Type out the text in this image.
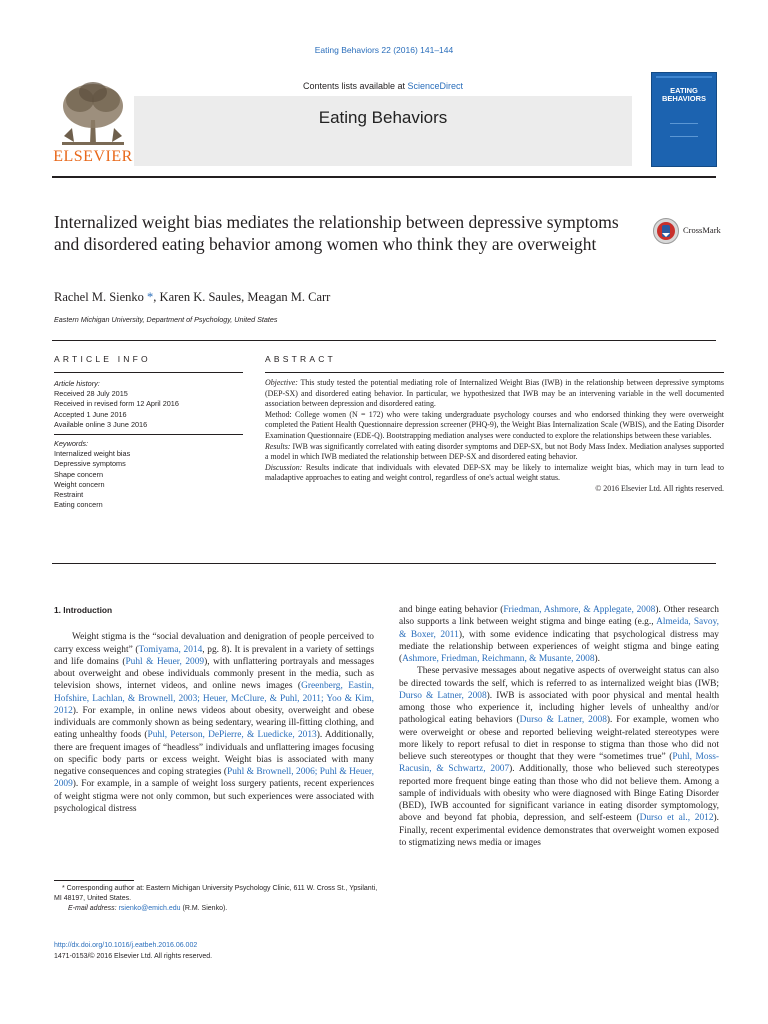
Eating Behaviors 22 (2016) 141–144
ELSEVIER
Contents lists available at ScienceDirect
Eating Behaviors
EATING
BEHAVIORS
Internalized weight bias mediates the relationship between depressive symptoms and disordered eating behavior among women who think they are overweight
CrossMark
Rachel M. Sienko *, Karen K. Saules, Meagan M. Carr
Eastern Michigan University, Department of Psychology, United States
ARTICLE INFO	ABSTRACT
Article history:
Received 28 July 2015
Received in revised form 12 April 2016
Accepted 1 June 2016
Available online 3 June 2016
Keywords:
Internalized weight bias
Depressive symptoms
Shape concern
Weight concern
Restraint
Eating concern

Objective: This study tested the potential mediating role of Internalized Weight Bias (IWB) in the relationship between depressive symptoms (DEP-SX) and disordered eating behavior. In particular, we hypothesized that IWB may be an intervening variable in the well documented association between depression and disordered eating.

Method: College women (N = 172) who were taking undergraduate psychology courses and who endorsed thinking they were overweight completed the Patient Health Questionnaire depression screener (PHQ-9), the Weight Bias Internalization Scale (WBIS), and the Eating Disorder Examination Questionnaire (EDE-Q). Bootstrapping mediation analyses were conducted to explore the relationships between these variables.

Results: IWB was significantly correlated with eating disorder symptoms and DEP-SX, but not Body Mass Index. Mediation analyses supported a model in which IWB mediated the relationship between DEP-SX and disordered eating behavior.

Discussion: Results indicate that individuals with elevated DEP-SX may be likely to internalize weight bias, which may in turn lead to maladaptive approaches to eating and weight control, regardless of one's actual weight status.

© 2016 Elsevier Ltd. All rights reserved.

1. Introduction

Weight stigma is the “social devaluation and denigration of people perceived to carry excess weight” (Tomiyama, 2014, pg. 8). It is prevalent in a variety of settings and life domains (Puhl & Heuer, 2009), with unflattering portrayals and messages about overweight and obese individuals commonly present in the media, such as television shows, internet videos, and online news images (Greenberg, Eastin, Hofshire, Lachlan, & Brownell, 2003; Heuer, McClure, & Puhl, 2011; Yoo & Kim, 2012). For example, in online news videos about obesity, overweight and obese individuals are commonly shown as being sedentary, wearing ill-fitting clothing, and eating unhealthy foods (Puhl, Peterson, DePierre, & Luedicke, 2013). Additionally, there are frequent images of “headless” individuals and unflattering images focusing on specific body parts or excess weight. Weight bias is associated with many negative consequences and coping strategies (Puhl & Brownell, 2006; Puhl & Heuer, 2009). For example, in a sample of weight loss surgery patients, recent experiences of weight stigma were not only common, but such experiences were associated with psychological distress

and binge eating behavior (Friedman, Ashmore, & Applegate, 2008). Other research also supports a link between weight stigma and binge eating (e.g., Almeida, Savoy, & Boxer, 2011), with some evidence indicating that psychological distress may mediate the relationship between experiences of weight stigma and binge eating (Ashmore, Friedman, Reichmann, & Musante, 2008).

These pervasive messages about negative aspects of overweight status can also be directed towards the self, which is referred to as internalized weight bias (IWB; Durso & Latner, 2008). IWB is associated with poor physical and mental health among those who experience it, including higher levels of unhealthy and/or pathological eating behaviors (Durso & Latner, 2008). For example, women who were overweight or obese and reported believing weight-related stereotypes were more likely to report refusal to diet in response to stigma than those who did not believe such stereotypes or thought that they were “sometimes true” (Puhl, Moss-Racusin, & Schwartz, 2007). Additionally, those who believed such stereotypes reported more frequent binge eating than those who did not believe them. Among a sample of individuals with obesity who were diagnosed with Binge Eating Disorder (BED), IWB accounted for significant variance in eating disorder symptomology, above and beyond fat phobia, depression, and self-esteem (Durso et al., 2012). Finally, recent experimental evidence demonstrates that overweight women exposed to stigmatizing news media or images

* Corresponding author at: Eastern Michigan University Psychology Clinic, 611 W. Cross St., Ypsilanti, MI 48197, United States.

E-mail address: rsienko@emich.edu (R.M. Sienko).

http://dx.doi.org/10.1016/j.eatbeh.2016.06.002
1471-0153/© 2016 Elsevier Ltd. All rights reserved.
